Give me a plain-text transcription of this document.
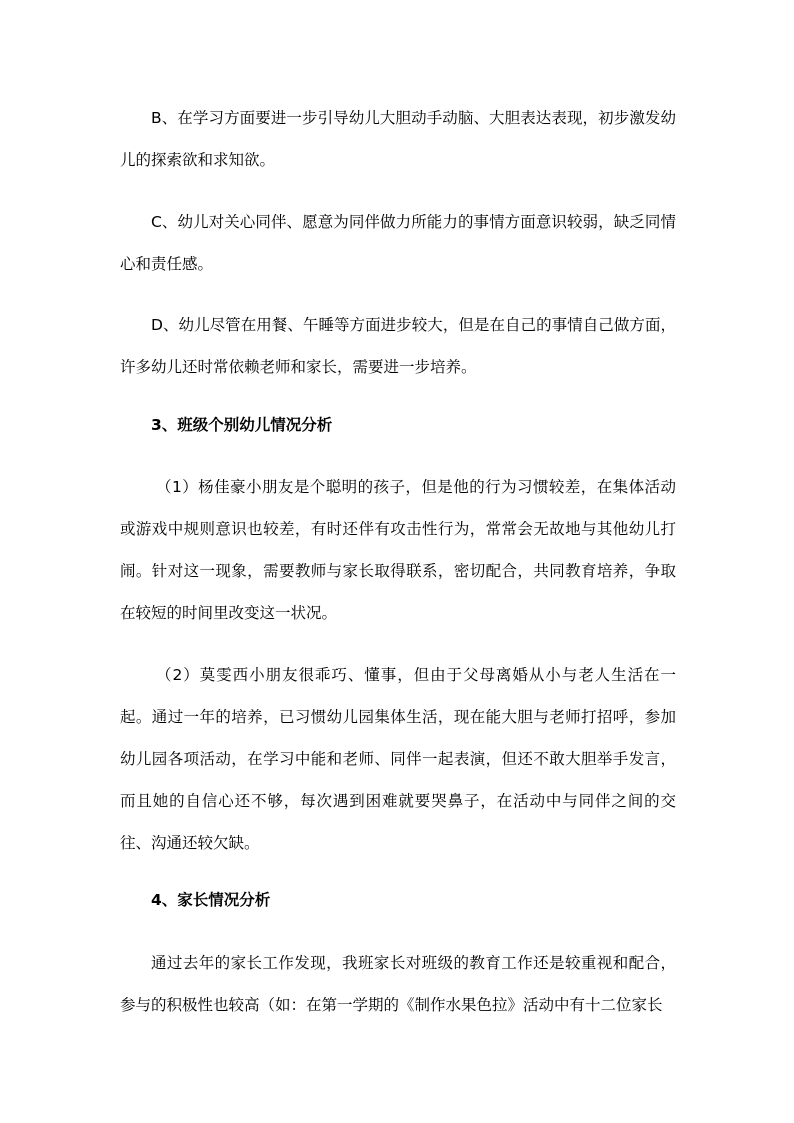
B、在学习方面要进一步引导幼儿大胆动手动脑、大胆表达表现，初步激发幼儿的探索欲和求知欲。

C、幼儿对关心同伴、愿意为同伴做力所能力的事情方面意识较弱，缺乏同情心和责任感。

D、幼儿尽管在用餐、午睡等方面进步较大，但是在自己的事情自己做方面，许多幼儿还时常依赖老师和家长，需要进一步培养。

3、班级个别幼儿情况分析

（1）杨佳豪小朋友是个聪明的孩子，但是他的行为习惯较差，在集体活动或游戏中规则意识也较差，有时还伴有攻击性行为，常常会无故地与其他幼儿打闹。针对这一现象，需要教师与家长取得联系，密切配合，共同教育培养，争取在较短的时间里改变这一状况。

（2）莫雯西小朋友很乖巧、懂事，但由于父母离婚从小与老人生活在一起。通过一年的培养，已习惯幼儿园集体生活，现在能大胆与老师打招呼，参加幼儿园各项活动，在学习中能和老师、同伴一起表演，但还不敢大胆举手发言，而且她的自信心还不够，每次遇到困难就要哭鼻子，在活动中与同伴之间的交往、沟通还较欠缺。

4、家长情况分析

通过去年的家长工作发现，我班家长对班级的教育工作还是较重视和配合，参与的积极性也较高（如：在第一学期的《制作水果色拉》活动中有十二位家长
